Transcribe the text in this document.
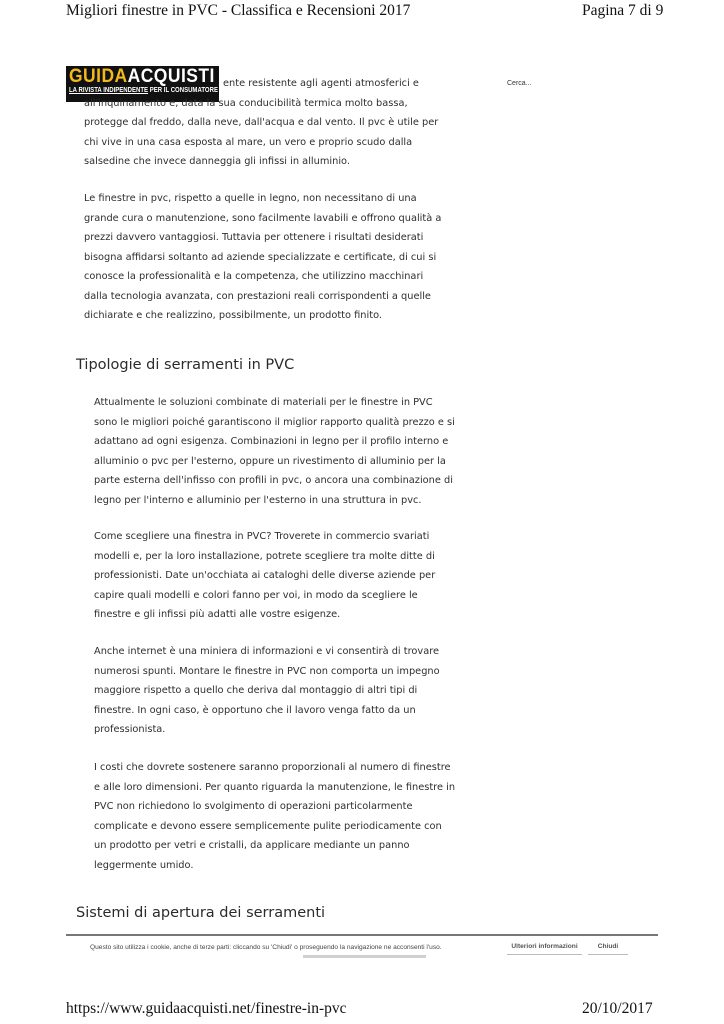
Migliori finestre in PVC - Classifica e Recensioni 2017	Pagina 7 di 9
GUIDAACQUISTI
LA RIVISTA INDIPENDENTE PER IL CONSUMATORE INFORMATO
Cerca...
ente resistente agli agenti atmosferici e
all'inquinamento e, data la sua conducibilità termica molto bassa,
protegge dal freddo, dalla neve, dall'acqua e dal vento. Il pvc è utile per
chi vive in una casa esposta al mare, un vero e proprio scudo dalla
salsedine che invece danneggia gli infissi in alluminio.
Le finestre in pvc, rispetto a quelle in legno, non necessitano di una
grande cura o manutenzione, sono facilmente lavabili e offrono qualità a
prezzi davvero vantaggiosi. Tuttavia per ottenere i risultati desiderati
bisogna affidarsi soltanto ad aziende specializzate e certificate, di cui si
conosce la professionalità e la competenza, che utilizzino macchinari
dalla tecnologia avanzata, con prestazioni reali corrispondenti a quelle
dichiarate e che realizzino, possibilmente, un prodotto finito.
Tipologie di serramenti in PVC
Attualmente le soluzioni combinate di materiali per le finestre in PVC
sono le migliori poiché garantiscono il miglior rapporto qualità prezzo e si
adattano ad ogni esigenza. Combinazioni in legno per il profilo interno e
alluminio o pvc per l'esterno, oppure un rivestimento di alluminio per la
parte esterna dell'infisso con profili in pvc, o ancora una combinazione di
legno per l'interno e alluminio per l'esterno in una struttura in pvc.
Come scegliere una finestra in PVC? Troverete in commercio svariati
modelli e, per la loro installazione, potrete scegliere tra molte ditte di
professionisti. Date un'occhiata ai cataloghi delle diverse aziende per
capire quali modelli e colori fanno per voi, in modo da scegliere le
finestre e gli infissi più adatti alle vostre esigenze.
Anche internet è una miniera di informazioni e vi consentirà di trovare
numerosi spunti. Montare le finestre in PVC non comporta un impegno
maggiore rispetto a quello che deriva dal montaggio di altri tipi di
finestre. In ogni caso, è opportuno che il lavoro venga fatto da un
professionista.
I costi che dovrete sostenere saranno proporzionali al numero di finestre
e alle loro dimensioni. Per quanto riguarda la manutenzione, le finestre in
PVC non richiedono lo svolgimento di operazioni particolarmente
complicate e devono essere semplicemente pulite periodicamente con
un prodotto per vetri e cristalli, da applicare mediante un panno
leggermente umido.
Sistemi di apertura dei serramenti
Questo sito utilizza i cookie, anche di terze parti: cliccando su 'Chiudi' o proseguendo la navigazione ne acconsenti l'uso.	Ulteriori informazioni	Chiudi
https://www.guidaacquisti.net/finestre-in-pvc	20/10/2017
